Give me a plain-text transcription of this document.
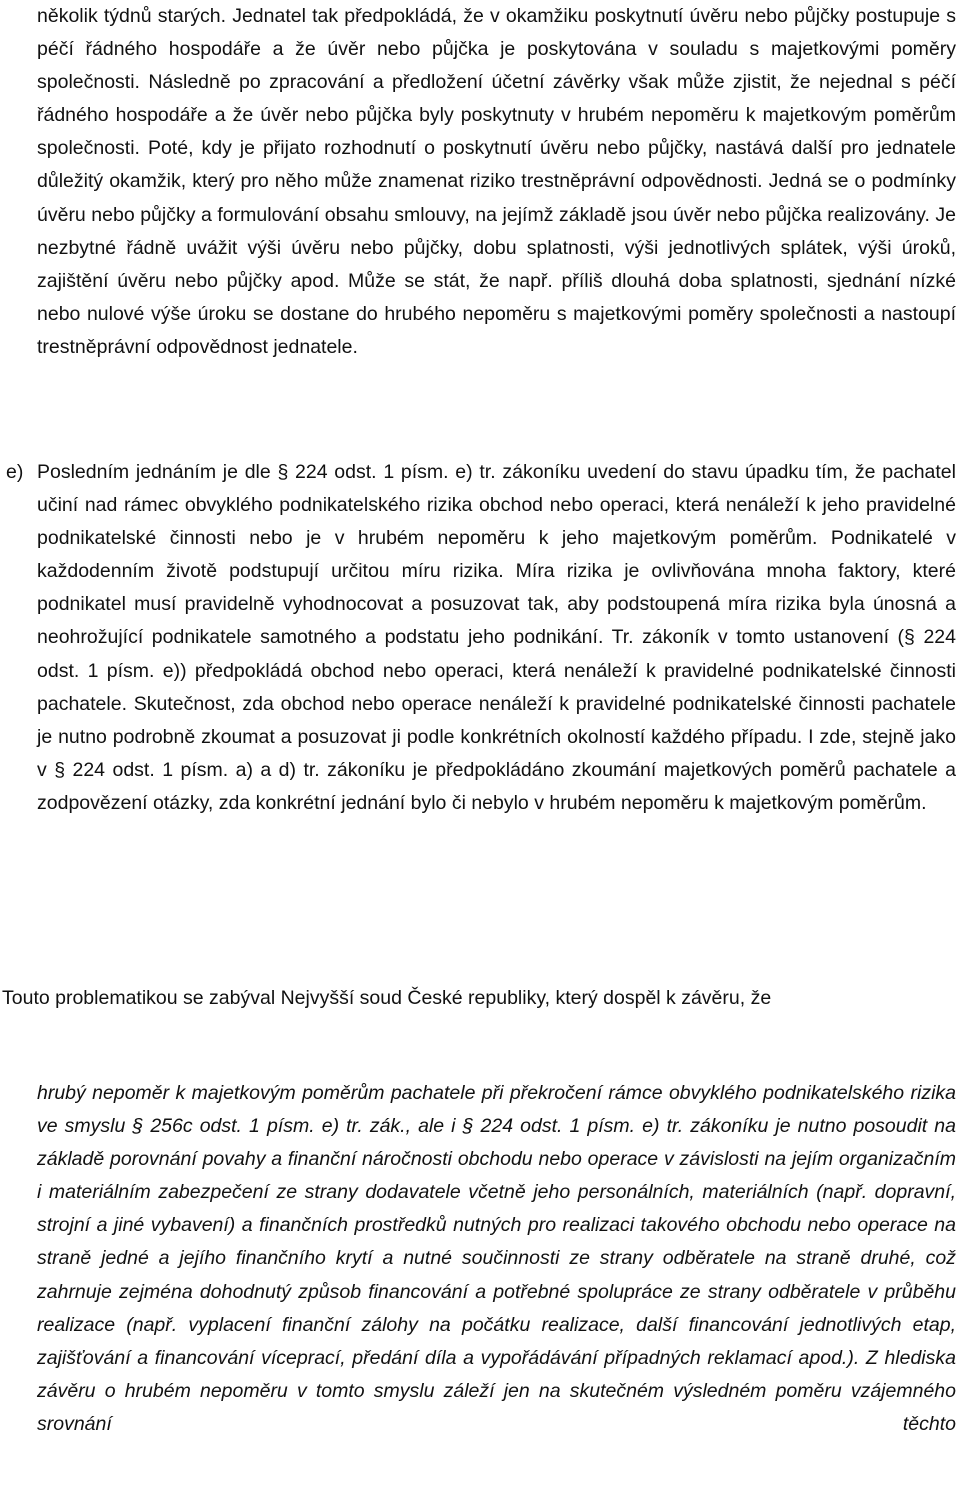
několik týdnů starých. Jednatel tak předpokládá, že v okamžiku poskytnutí úvěru nebo půjčky postupuje s péčí řádného hospodáře a že úvěr nebo půjčka je poskytována v souladu s majetkovými poměry společnosti. Následně po zpracování a předložení účetní závěrky však může zjistit, že nejednal s péčí řádného hospodáře a že úvěr nebo půjčka byly poskytnuty v hrubém nepoměru k majetkovým poměrům společnosti. Poté, kdy je přijato rozhodnutí o poskytnutí úvěru nebo půjčky, nastává další pro jednatele důležitý okamžik, který pro něho může znamenat riziko trestněprávní odpovědnosti. Jedná se o podmínky úvěru nebo půjčky a formulování obsahu smlouvy, na jejímž základě jsou úvěr nebo půjčka realizovány. Je nezbytné řádně uvážit výši úvěru nebo půjčky, dobu splatnosti, výši jednotlivých splátek, výši úroků, zajištění úvěru nebo půjčky apod. Může se stát, že např. příliš dlouhá doba splatnosti, sjednání nízké nebo nulové výše úroku se dostane do hrubého nepoměru s majetkovými poměry společnosti a nastoupí trestněprávní odpovědnost jednatele.

e) Posledním jednáním je dle § 224 odst. 1 písm. e) tr. zákoníku uvedení do stavu úpadku tím, že pachatel učiní nad rámec obvyklého podnikatelského rizika obchod nebo operaci, která nenáleží k jeho pravidelné podnikatelské činnosti nebo je v hrubém nepoměru k jeho majetkovým poměrům. Podnikatelé v každodenním životě podstupují určitou míru rizika. Míra rizika je ovlivňována mnoha faktory, které podnikatel musí pravidelně vyhodnocovat a posuzovat tak, aby podstoupená míra rizika byla únosná a neohrožující podnikatele samotného a podstatu jeho podnikání. Tr. zákoník v tomto ustanovení (§ 224 odst. 1 písm. e)) předpokládá obchod nebo operaci, která nenáleží k pravidelné podnikatelské činnosti pachatele. Skutečnost, zda obchod nebo operace nenáleží k pravidelné podnikatelské činnosti pachatele je nutno podrobně zkoumat a posuzovat ji podle konkrétních okolností každého případu. I zde, stejně jako v § 224 odst. 1 písm. a) a d) tr. zákoníku je předpokládáno zkoumání majetkových poměrů pachatele a zodpovězení otázky, zda konkrétní jednání bylo či nebylo v hrubém nepoměru k majetkovým poměrům.

Touto problematikou se zabýval Nejvyšší soud České republiky, který dospěl k závěru, že

hrubý nepoměr k majetkovým poměrům pachatele při překročení rámce obvyklého podnikatelského rizika ve smyslu § 256c odst. 1 písm. e) tr. zák., ale i § 224 odst. 1 písm. e) tr. zákoníku je nutno posoudit na základě porovnání povahy a finanční náročnosti obchodu nebo operace v závislosti na jejím organizačním i materiálním zabezpečení ze strany dodavatele včetně jeho personálních, materiálních (např. dopravní, strojní a jiné vybavení) a finančních prostředků nutných pro realizaci takového obchodu nebo operace na straně jedné a jejího finančního krytí a nutné součinnosti ze strany odběratele na straně druhé, což zahrnuje zejména dohodnutý způsob financování a potřebné spolupráce ze strany odběratele v průběhu realizace (např. vyplacení finanční zálohy na počátku realizace, další financování jednotlivých etap, zajišťování a financování víceprací, předání díla a vypořádávání případných reklamací apod.). Z hlediska závěru o hrubém nepoměru v tomto smyslu záleží jen na skutečném výsledném poměru vzájemného srovnání těchto
